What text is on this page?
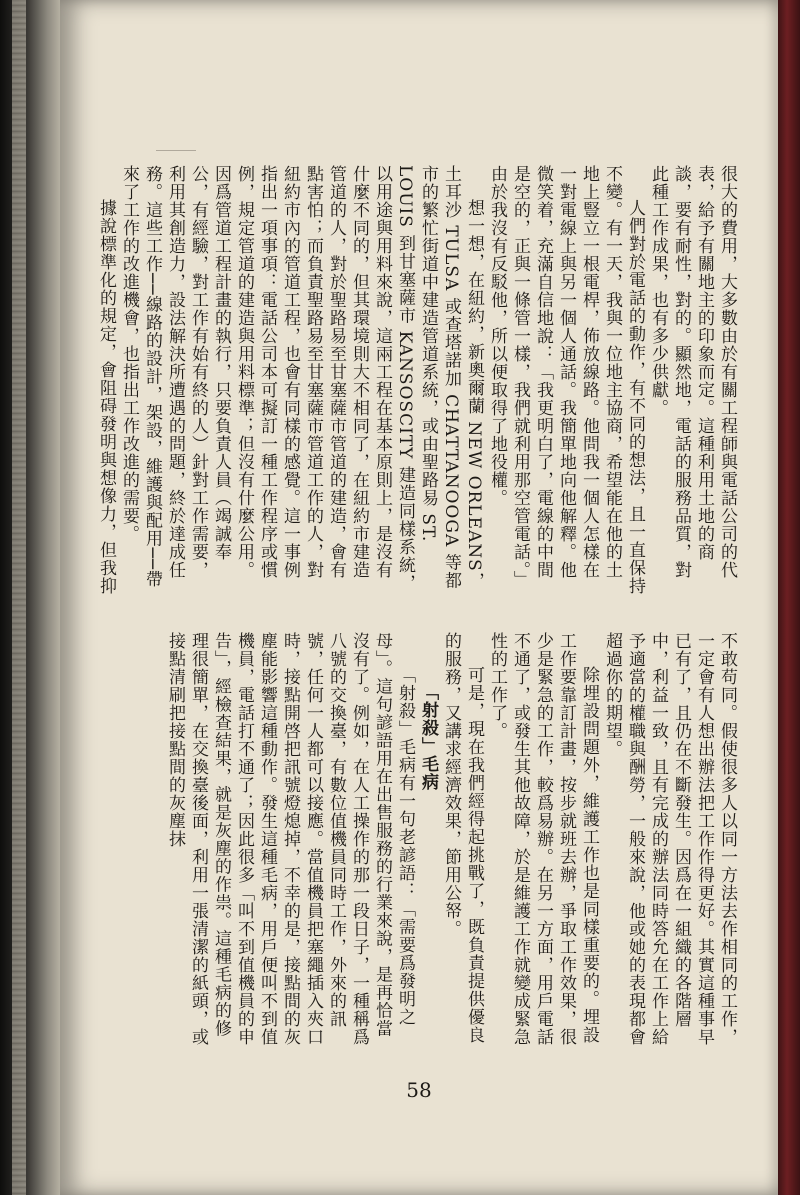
很大的費用，大多數由於有關工程師與電話公司的代表，給予有關地主的印象而定。這種利用土地的商談，要有耐性，對的。顯然地，電話的服務品質，對此種工作成果，也有多少供獻。

人們對於電話的動作，有不同的想法，且一直保持不變。有一天，我與一位地主協商，希望能在他的土地上豎立一根電桿，佈放線路。他問我一個人怎樣在一對電線上與另一個人通話。我簡單地向他解釋。他微笑着，充滿自信地說：「我更明白了，電線的中間是空的，正與一條管一樣，我們就利用那空管電話。」由於我沒有反駁他，所以便取得了地役權。

想一想，在紐約，新奧爾蘭 NEW ORLEANS，土耳沙 TULSA 或查塔諾加 CHATTANOOGA 等都市的繁忙街道中建造管道系統，或由聖路易 ST. LOUIS 到甘塞薩市 KANSOSCITY 建造同樣系統，以用途與用料來說，這兩工程在基本原則上，是沒有什麼不同的，但其環境則大不相同了，在紐約市建造管道的人，對於聖路易至甘塞薩市管道的建造，會有點害怕；而負責聖路易至甘塞薩市管道工作的人，對紐約市內的管道工程，也會有同樣的感覺。這一事例指出一項事項：電話公司本可擬訂一種工作程序或慣例，規定管道的建造與用料標準；但沒有什麼公用。因爲管道工程計畫的執行，只要負責人員（竭誠奉公，有經驗，對工作有始有終的人）針對工作需要，利用其創造力，設法解決所遭遇的問題，終於達成任務。這些工作──線路的設計，架設，維護與配用──帶來了工作的改進機會，也指出工作改進的需要。

據說標準化的規定，會阻碍發明與想像力，但我抑

不敢苟同。假使很多人以同一方法去作相同的工作，一定會有人想出辦法把工作作得更好。其實這種事早已有了，且仍在不斷發生。因爲在一組織的各階層中，利益一致，且有完成的辦法同時答允在工作上給予適當的權職與酬勞，一般來說，他或她的表現都會超過你的期望。

除埋設問題外，維護工作也是同樣重要的。埋設工作要靠訂計畫，按步就班去辦，爭取工作效果，很少是緊急的工作，較爲易辦。在另一方面，用戶電話不通了，或發生其他故障，於是維護工作就變成緊急性的工作了。

可是，現在我們經得起挑戰了，既負責提供優良的服務，又講求經濟效果，節用公帑。

「射殺」毛病

「射殺」毛病有一句老諺語：「需要爲發明之母」。這句諺語用在出售服務的行業來說，是再恰當沒有了。例如，在人工操作的那一段日子，一種稱爲八號的交換臺，有數位值機員同時工作，外來的訊號，任何一人都可以接應。當值機員把塞繩插入夾口時，接點開啓把訊號燈熄掉，不幸的是，接點間的灰塵能影響這種動作。發生這種毛病，用戶便叫不到值機員，電話打不通了；因此很多「叫不到值機員的申告」，經檢查結果，就是灰塵的作祟。這種毛病的修理很簡單，在交換臺後面，利用一張清潔的紙頭，或接點清刷把接點間的灰塵抹

58
